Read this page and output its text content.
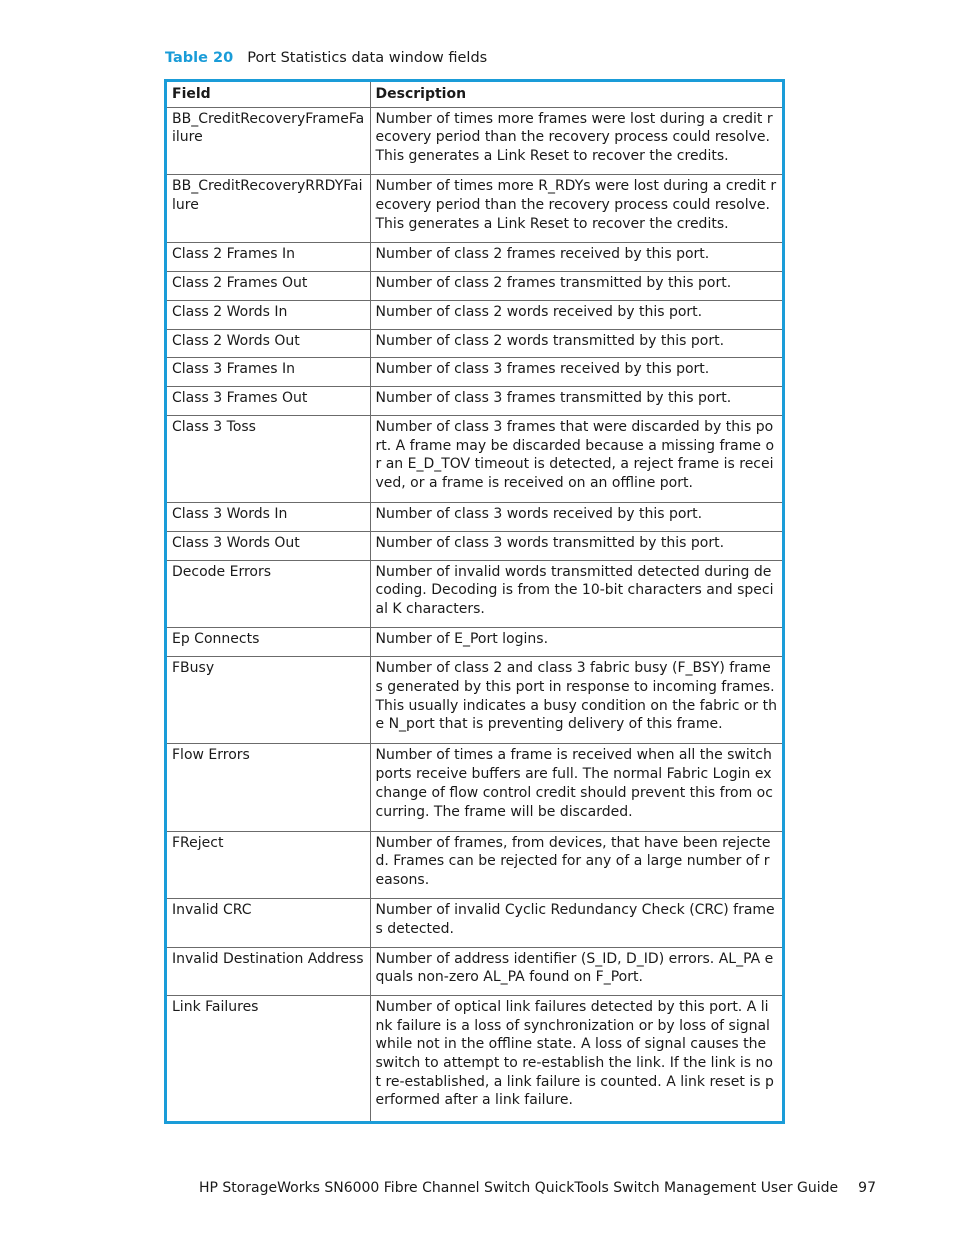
Table 20 Port Statistics data window fields
Field	Description
BB_CreditRecoveryFrameFailure	Number of times more frames were lost during a credit recovery period than the recovery process could resolve. This generates a Link Reset to recover the credits.
BB_CreditRecoveryRRDYFailure	Number of times more R_RDYs were lost during a credit recovery period than the recovery process could resolve. This generates a Link Reset to recover the credits.
Class 2 Frames In	Number of class 2 frames received by this port.
Class 2 Frames Out	Number of class 2 frames transmitted by this port.
Class 2 Words In	Number of class 2 words received by this port.
Class 2 Words Out	Number of class 2 words transmitted by this port.
Class 3 Frames In	Number of class 3 frames received by this port.
Class 3 Frames Out	Number of class 3 frames transmitted by this port.
Class 3 Toss	Number of class 3 frames that were discarded by this port. A frame may be discarded because a missing frame or an E_D_TOV timeout is detected, a reject frame is received, or a frame is received on an offline port.
Class 3 Words In	Number of class 3 words received by this port.
Class 3 Words Out	Number of class 3 words transmitted by this port.
Decode Errors	Number of invalid words transmitted detected during decoding. Decoding is from the 10-bit characters and special K characters.
Ep Connects	Number of E_Port logins.
FBusy	Number of class 2 and class 3 fabric busy (F_BSY) frames generated by this port in response to incoming frames. This usually indicates a busy condition on the fabric or the N_port that is preventing delivery of this frame.
Flow Errors	Number of times a frame is received when all the switch ports receive buffers are full. The normal Fabric Login exchange of flow control credit should prevent this from occurring. The frame will be discarded.
FReject	Number of frames, from devices, that have been rejected. Frames can be rejected for any of a large number of reasons.
Invalid CRC	Number of invalid Cyclic Redundancy Check (CRC) frames detected.
Invalid Destination Address	Number of address identifier (S_ID, D_ID) errors. AL_PA equals non-zero AL_PA found on F_Port.
Link Failures	Number of optical link failures detected by this port. A link failure is a loss of synchronization or by loss of signal while not in the offline state. A loss of signal causes the switch to attempt to re-establish the link. If the link is not re-established, a link failure is counted. A link reset is performed after a link failure.
HP StorageWorks SN6000 Fibre Channel Switch QuickTools Switch Management User Guide 97
